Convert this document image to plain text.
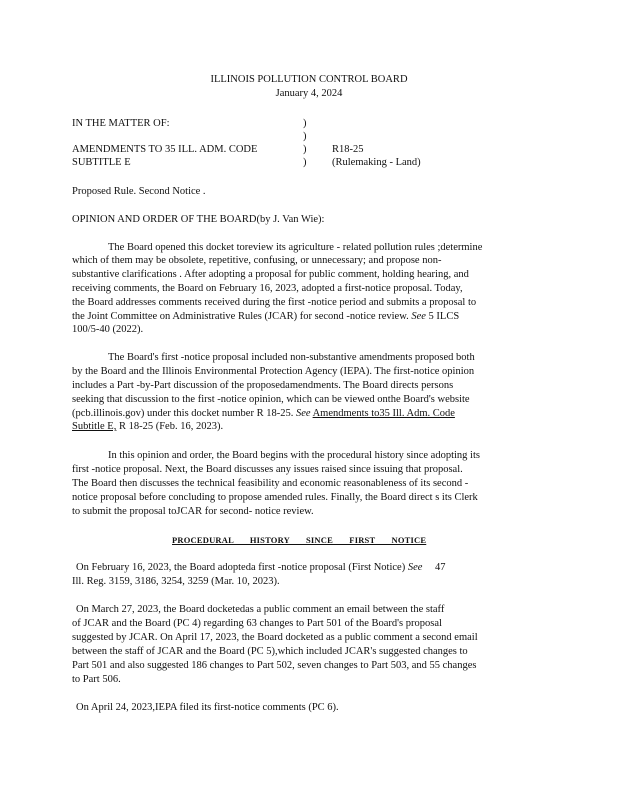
ILLINOIS POLLUTION CONTROL BOARD
January 4, 2024
IN THE MATTER OF:	)
)
AMENDMENTS TO 35 ILL. ADM. CODE	) R18-25
SUBTITLE E	) (Rulemaking - Land)
Proposed Rule. Second Notice .
OPINION AND ORDER OF THE BOARD(by J. Van Wie):
The Board opened this docket toreview its agriculture - related pollution rules ;determine
which of them may be obsolete, repetitive, confusing, or unnecessary; and propose non-
substantive clarifications . After adopting a proposal for public comment, holding hearing, and
receiving comments, the Board on February 16, 2023, adopted a first-notice proposal. Today,
the Board addresses comments received during the first -notice period and submits a proposal to
the Joint Committee on Administrative Rules (JCAR) for second -notice review. See 5 ILCS
100/5-40 (2022).
The Board's first -notice proposal included non-substantive amendments proposed both
by the Board and the Illinois Environmental Protection Agency (IEPA). The first-notice opinion
includes a Part -by-Part discussion of the proposedamendments. The Board directs persons
seeking that discussion to the first -notice opinion, which can be viewed onthe Board's website
(pcb.illinois.gov) under this docket number R 18-25. See Amendments to35 Ill. Adm. Code
Subtitle E, R 18-25 (Feb. 16, 2023).
In this opinion and order, the Board begins with the procedural history since adopting its
first -notice proposal. Next, the Board discusses any issues raised since issuing that proposal.
The Board then discusses the technical feasibility and economic reasonableness of its second -
notice proposal before concluding to propose amended rules. Finally, the Board direct s its Clerk
to submit the proposal toJCAR for second- notice review.
PROCEDURAL HISTORY SINCE FIRST NOTICE
On February 16, 2023, the Board adopteda first -notice proposal (First Notice) See 47
Ill. Reg. 3159, 3186, 3254, 3259 (Mar. 10, 2023).
On March 27, 2023, the Board docketedas a public comment an email between the staff
of JCAR and the Board (PC 4) regarding 63 changes to Part 501 of the Board's proposal
suggested by JCAR. On April 17, 2023, the Board docketed as a public comment a second email
between the staff of JCAR and the Board (PC 5),which included JCAR's suggested changes to
Part 501 and also suggested 186 changes to Part 502, seven changes to Part 503, and 55 changes
to Part 506.
On April 24, 2023,IEPA filed its first-notice comments (PC 6).
